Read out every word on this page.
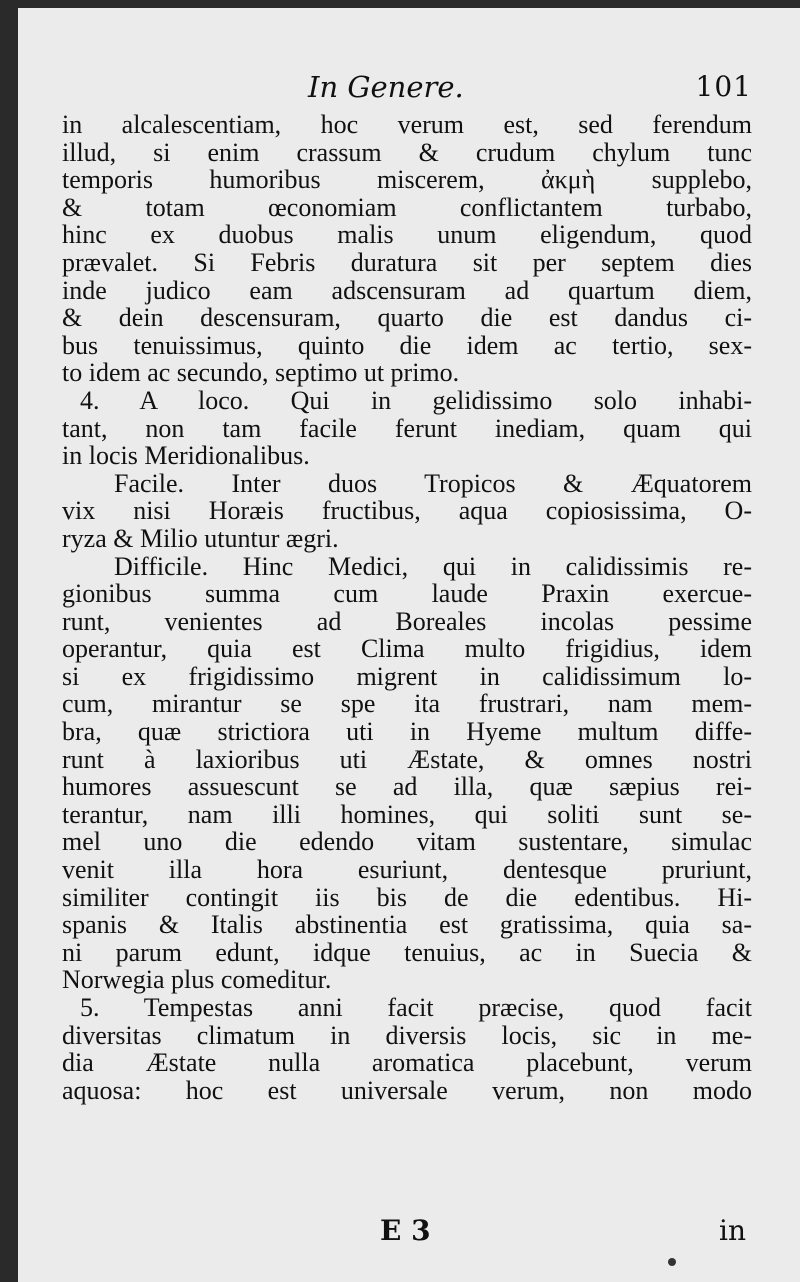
In Genere.	101
in alcalescentiam, hoc verum est, sed ferendum
illud, si enim crassum & crudum chylum tunc
temporis humoribus miscerem, ἀκμὴ supplebo,
& totam œconomiam conflictantem turbabo,
hinc ex duobus malis unum eligendum, quod
prævalet. Si Febris duratura sit per septem dies
inde judico eam adscensuram ad quartum diem,
& dein descensuram, quarto die est dandus ci-
bus tenuissimus, quinto die idem ac tertio, sex-
to idem ac secundo, septimo ut primo.
4. A loco. Qui in gelidissimo solo inhabi-
tant, non tam facile ferunt inediam, quam qui
in locis Meridionalibus.
Facile. Inter duos Tropicos & Æquatorem
vix nisi Horæis fructibus, aqua copiosissima, O-
ryza & Milio utuntur ægri.
Difficile. Hinc Medici, qui in calidissimis re-
gionibus summa cum laude Praxin exercue-
runt, venientes ad Boreales incolas pessime
operantur, quia est Clima multo frigidius, idem
si ex frigidissimo migrent in calidissimum lo-
cum, mirantur se spe ita frustrari, nam mem-
bra, quæ strictiora uti in Hyeme multum diffe-
runt à laxioribus uti Æstate, & omnes nostri
humores assuescunt se ad illa, quæ sæpius rei-
terantur, nam illi homines, qui soliti sunt se-
mel uno die edendo vitam sustentare, simulac
venit illa hora esuriunt, dentesque pruriunt,
similiter contingit iis bis de die edentibus. Hi-
spanis & Italis abstinentia est gratissima, quia sa-
ni parum edunt, idque tenuius, ac in Suecia &
Norwegia plus comeditur.
5. Tempestas anni facit præcise, quod facit
diversitas climatum in diversis locis, sic in me-
dia Æstate nulla aromatica placebunt, verum
aquosa: hoc est universale verum, non modo
E 3	in
